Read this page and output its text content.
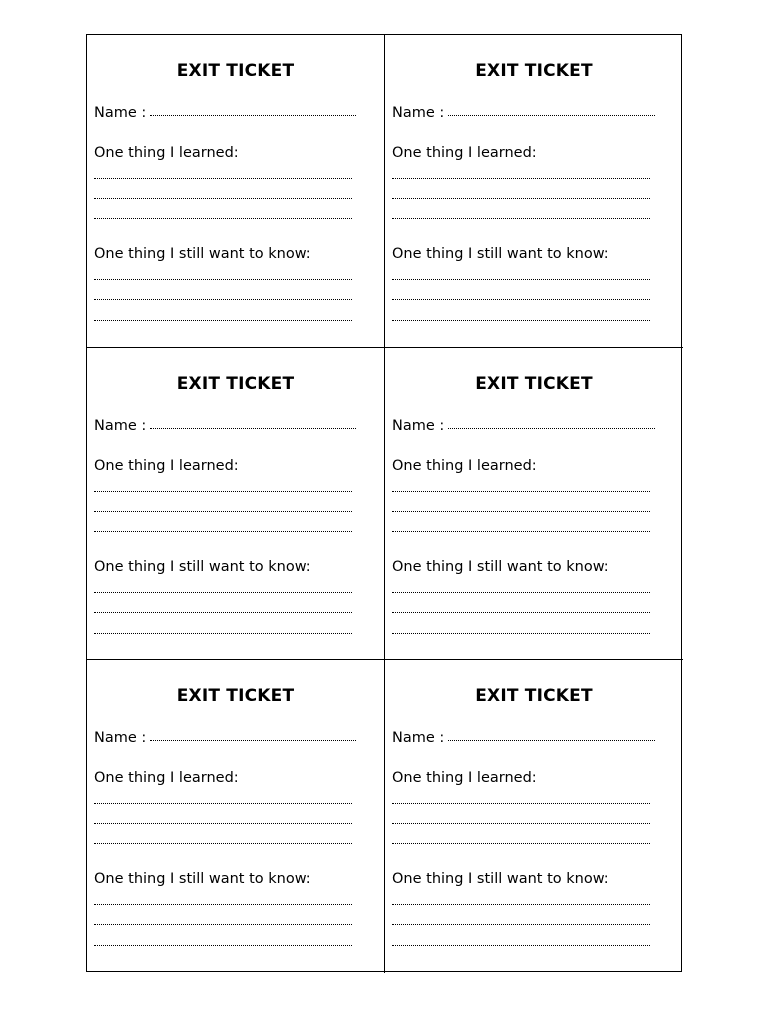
EXIT TICKET
Name :
One thing I learned:
One thing I still want to know:
EXIT TICKET
Name :
One thing I learned:
One thing I still want to know:
EXIT TICKET
Name :
One thing I learned:
One thing I still want to know:
EXIT TICKET
Name :
One thing I learned:
One thing I still want to know:
EXIT TICKET
Name :
One thing I learned:
One thing I still want to know:
EXIT TICKET
Name :
One thing I learned:
One thing I still want to know:
